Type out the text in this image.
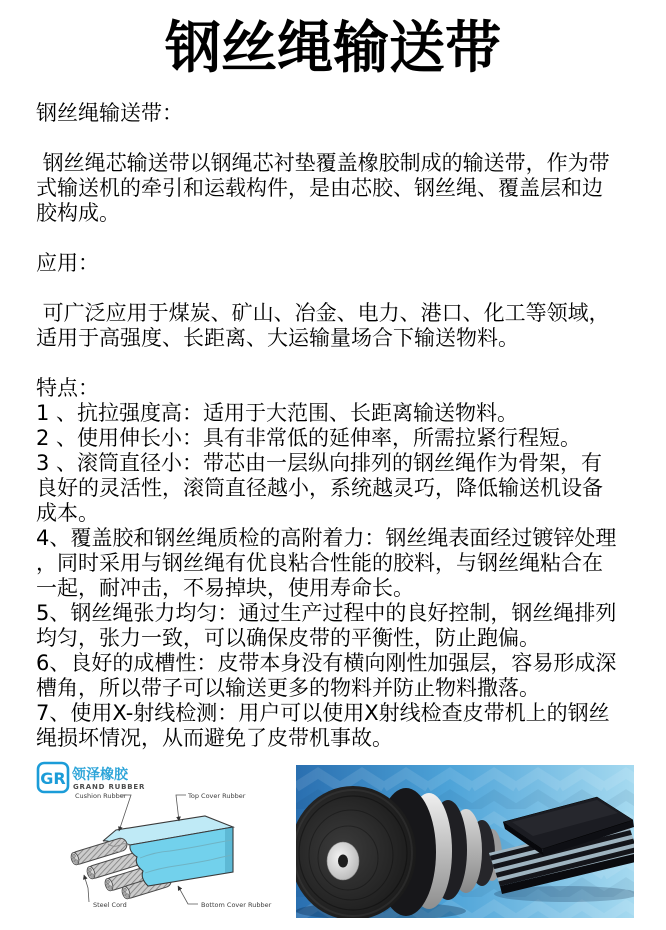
钢丝绳输送带
钢丝绳输送带：
钢丝绳芯输送带以钢绳芯衬垫覆盖橡胶制成的输送带，作为带
式输送机的牵引和运载构件，是由芯胶、钢丝绳、覆盖层和边
胶构成。
应用：
可广泛应用于煤炭、矿山、冶金、电力、港口、化工等领域，
适用于高强度、长距离、大运输量场合下输送物料。
特点：
1 、抗拉强度高：适用于大范围、长距离输送物料。
2 、使用伸长小：具有非常低的延伸率，所需拉紧行程短。
3 、滚筒直径小：带芯由一层纵向排列的钢丝绳作为骨架，有
良好的灵活性，滚筒直径越小，系统越灵巧，降低输送机设备
成本。
4、覆盖胶和钢丝绳质检的高附着力：钢丝绳表面经过镀锌处理
，同时采用与钢丝绳有优良粘合性能的胶料，与钢丝绳粘合在
一起，耐冲击，不易掉块，使用寿命长。
5、钢丝绳张力均匀：通过生产过程中的良好控制，钢丝绳排列
均匀，张力一致，可以确保皮带的平衡性，防止跑偏。
6、良好的成槽性：皮带本身没有横向刚性加强层，容易形成深
槽角，所以带子可以输送更多的物料并防止物料撒落。
7、使用X-射线检测：用户可以使用X射线检查皮带机上的钢丝
绳损坏情况，从而避免了皮带机事故。
GR 领泽橡胶
GRAND RUBBER
Cushion Rubber	Top Cover Rubber
Steel Cord	Bottom Cover Rubber
